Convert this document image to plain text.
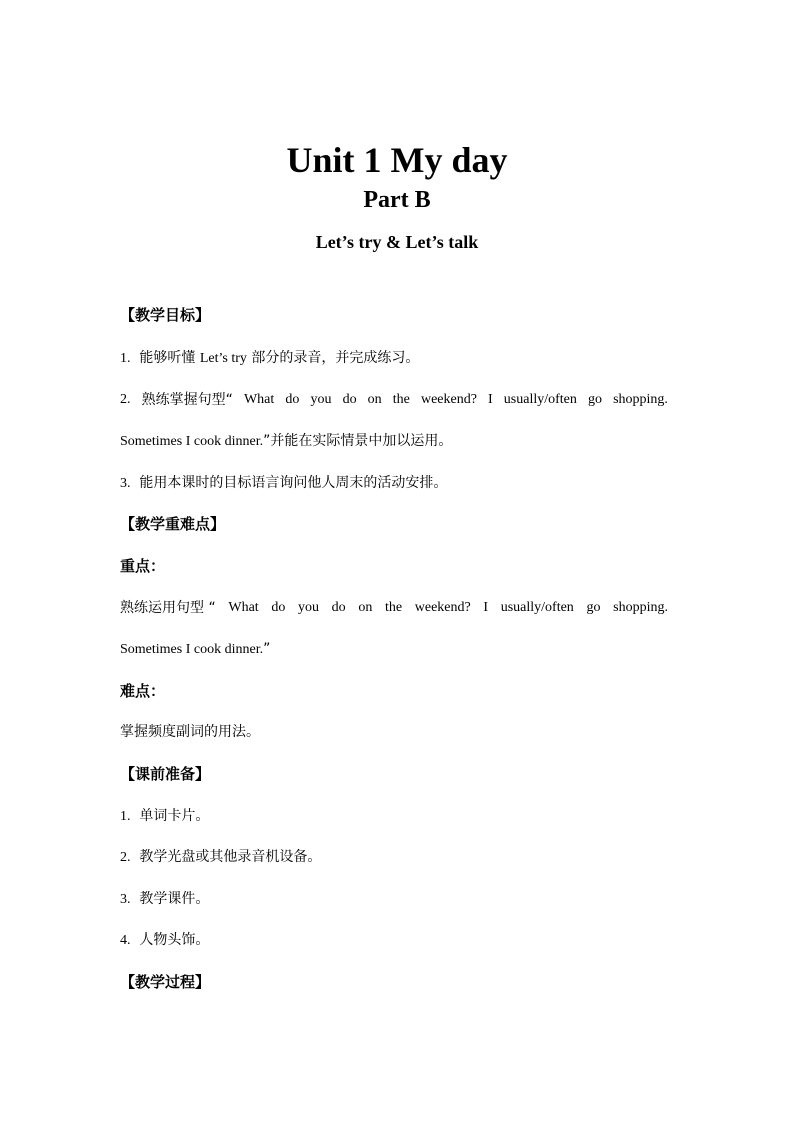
Unit 1 My day
Part B
Let’s try & Let’s talk
【教学目标】
1. 能够听懂 Let’s try 部分的录音，并完成练习。
2. 熟练掌握句型“ What do you do on the weekend? I usually/often go shopping.
Sometimes I cook dinner.”并能在实际情景中加以运用。
3. 能用本课时的目标语言询问他人周末的活动安排。
【教学重难点】
重点：
熟练运用句型 “ What do you do on the weekend? I usually/often go shopping.
Sometimes I cook dinner.”
难点：
掌握频度副词的用法。
【课前准备】
1. 单词卡片。
2. 教学光盘或其他录音机设备。
3. 教学课件。
4. 人物头饰。
【教学过程】
